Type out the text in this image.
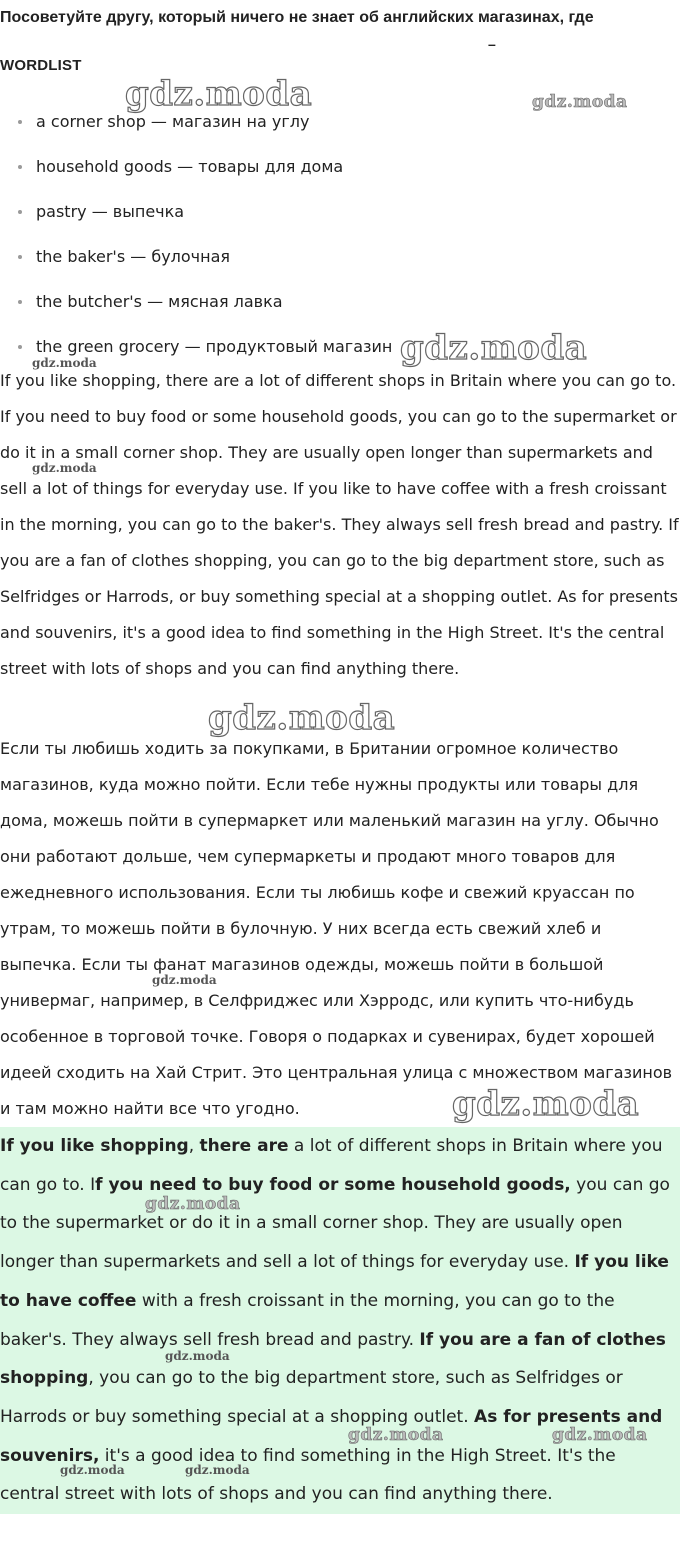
Посоветуйте другу, который ничего не знает об английских магазинах, где
–
WORDLIST
a corner shop — магазин на углу
household goods — товары для дома
pastry — выпечка
the baker's — булочная
the butcher's — мясная лавка
the green grocery — продуктовый магазин

If you like shopping, there are a lot of different shops in Britain where you can go to. If you need to buy food or some household goods, you can go to the supermarket or do it in a small corner shop. They are usually open longer than supermarkets and sell a lot of things for everyday use. If you like to have coffee with a fresh croissant in the morning, you can go to the baker's. They always sell fresh bread and pastry. If you are a fan of clothes shopping, you can go to the big department store, such as Selfridges or Harrods, or buy something special at a shopping outlet. As for presents and souvenirs, it's a good idea to find something in the High Street. It's the central street with lots of shops and you can find anything there.

Если ты любишь ходить за покупками, в Британии огромное количество магазинов, куда можно пойти. Если тебе нужны продукты или товары для дома, можешь пойти в супермаркет или маленький магазин на углу. Обычно они работают дольше, чем супермаркеты и продают много товаров для ежедневного использования. Если ты любишь кофе и свежий круассан по утрам, то можешь пойти в булочную. У них всегда есть свежий хлеб и выпечка. Если ты фанат магазинов одежды, можешь пойти в большой универмаг, например, в Селфриджес или Хэрродс, или купить что-нибудь особенное в торговой точке. Говоря о подарках и сувенирах, будет хорошей идеей сходить на Хай Стрит. Это центральная улица с множеством магазинов и там можно найти все что угодно.

If you like shopping, there are a lot of different shops in Britain where you can go to. If you need to buy food or some household goods, you can go to the supermarket or do it in a small corner shop. They are usually open longer than supermarkets and sell a lot of things for everyday use. If you like to have coffee with a fresh croissant in the morning, you can go to the baker's. They always sell fresh bread and pastry. If you are a fan of clothes shopping, you can go to the big department store, such as Selfridges or Harrods or buy something special at a shopping outlet. As for presents and souvenirs, it's a good idea to find something in the High Street. It's the central street with lots of shops and you can find anything there.

gdz.moda	gdz.moda
gdz.moda
gdz.moda
gdz.moda
gdz.moda
gdz.moda
gdz.moda
gdz.moda
gdz.moda
gdz.moda	gdz.moda
gdz.moda	gdz.moda
